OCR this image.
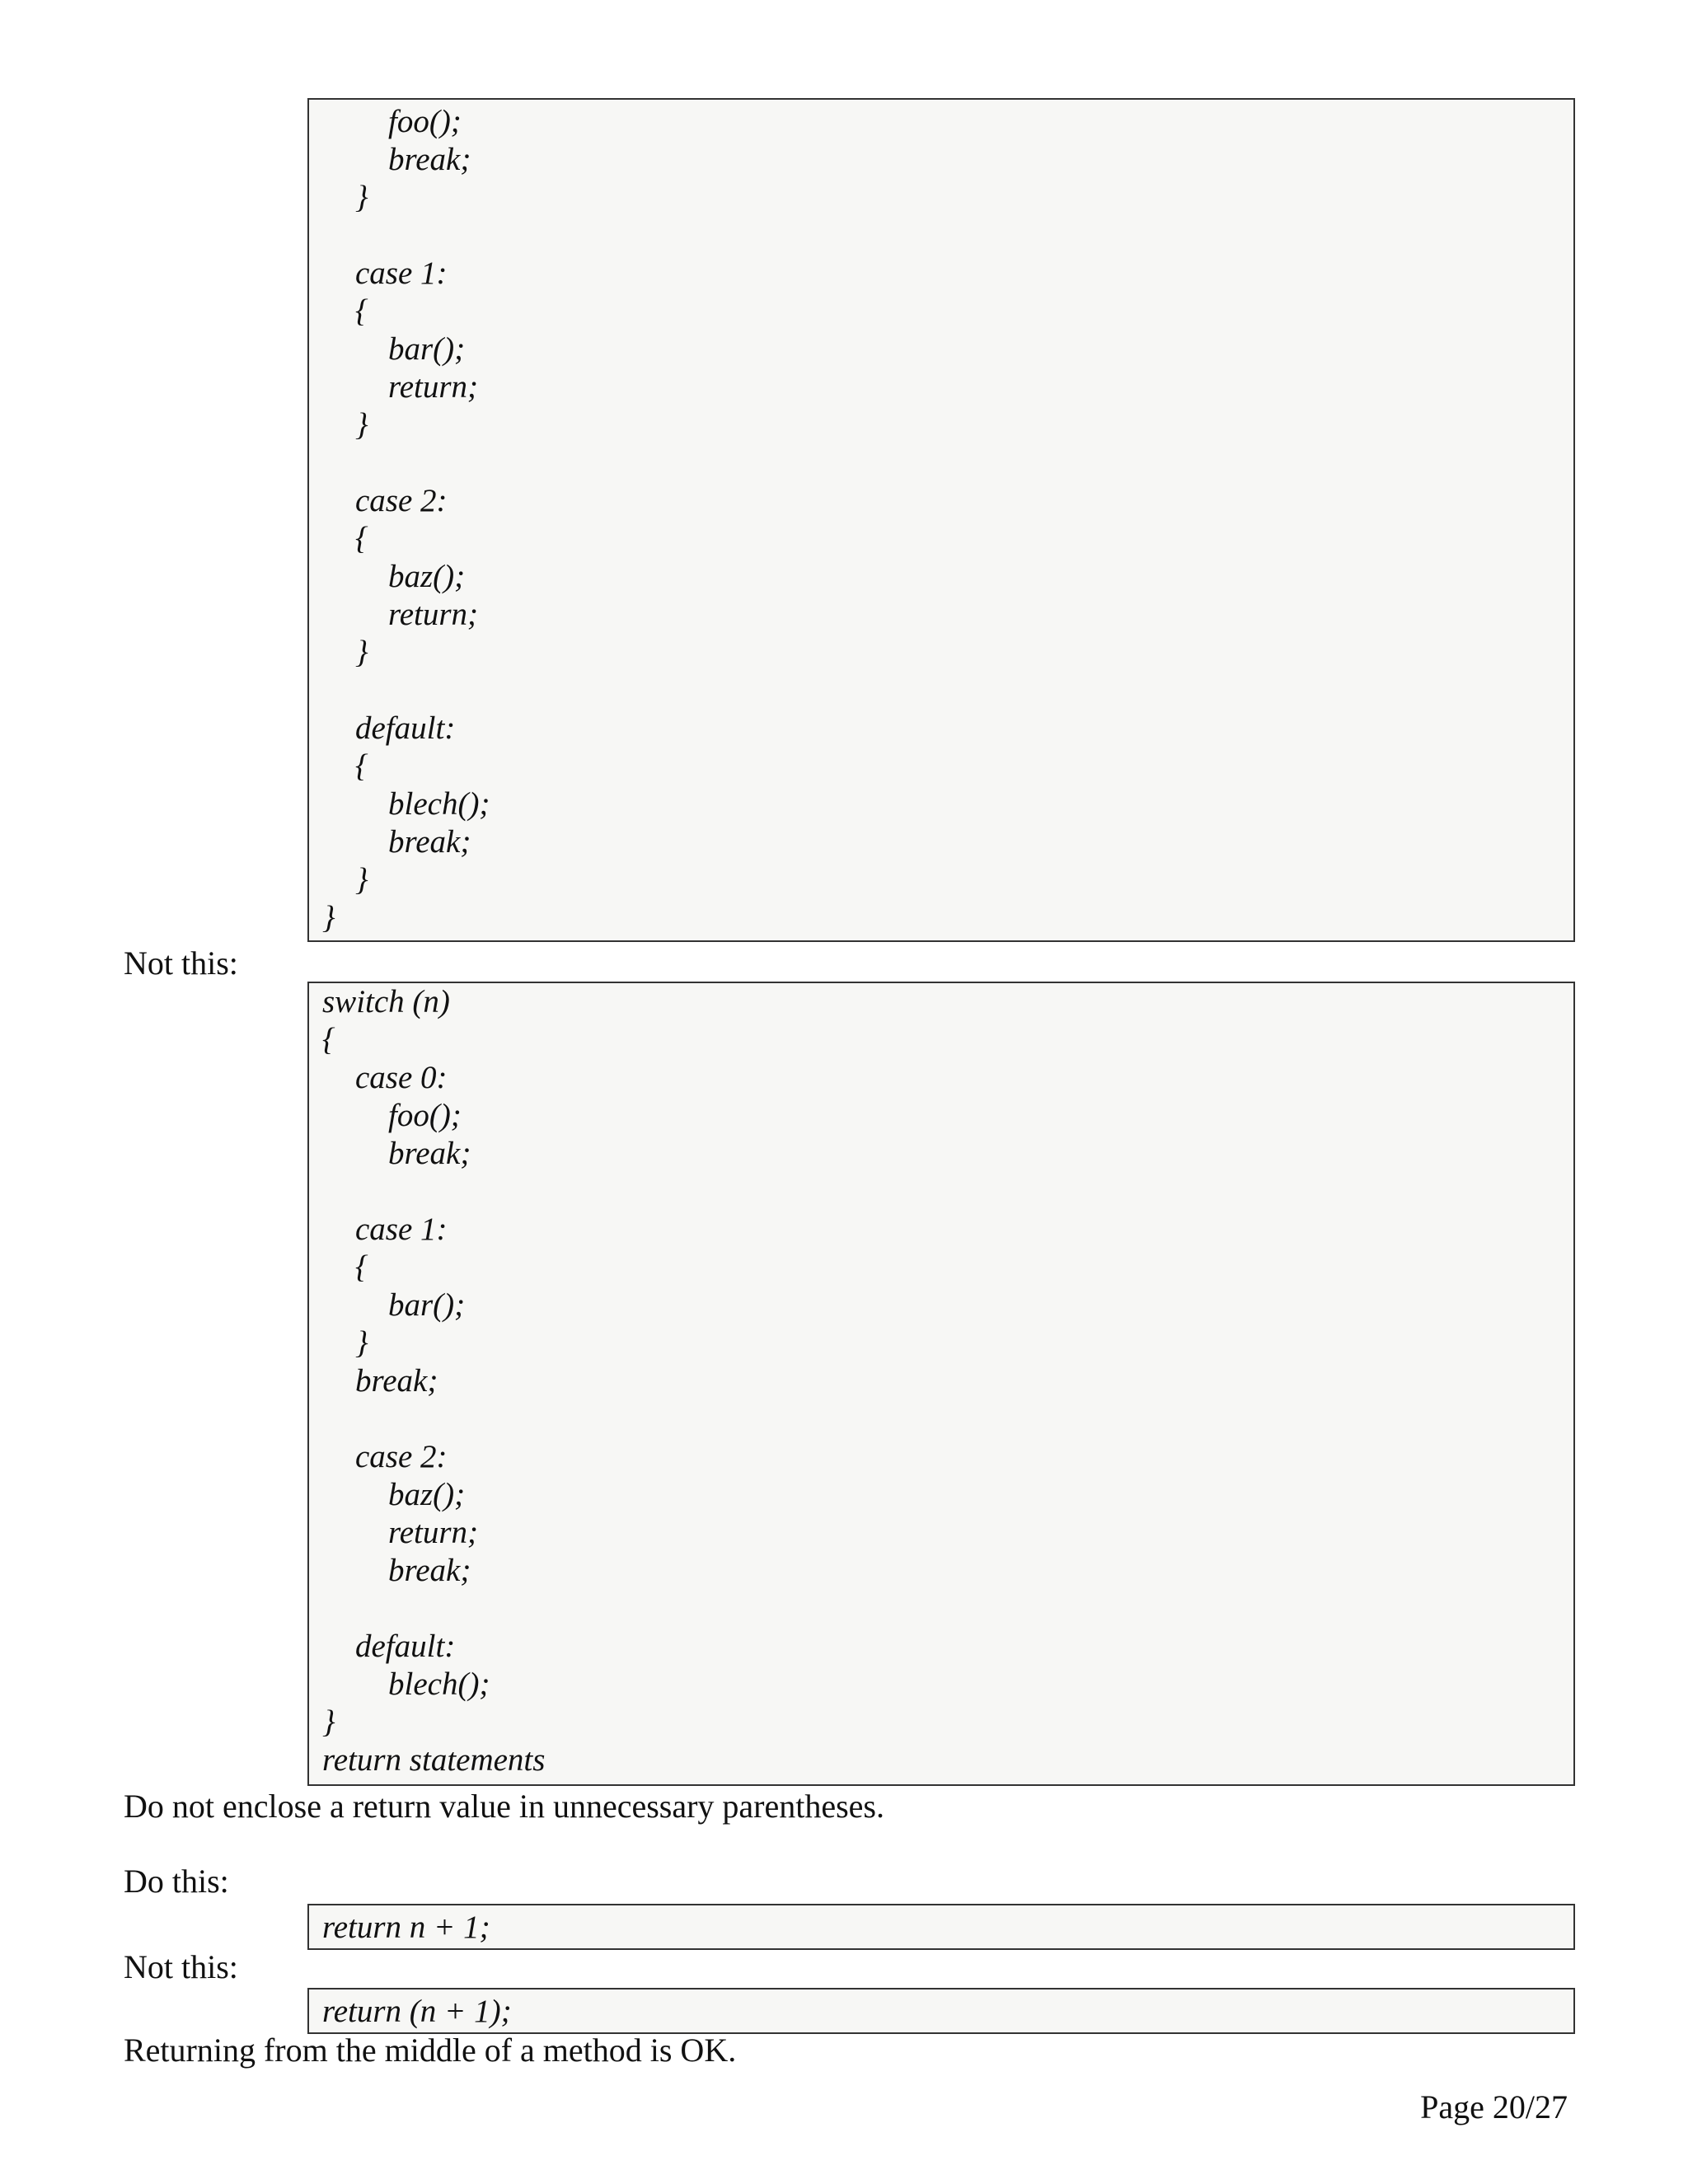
foo();
break;
}
case 1:
{
bar();
return;
}
case 2:
{
baz();
return;
}
default:
{
blech();
break;
}
}
Not this:
switch (n)
{
case 0:
foo();
break;
case 1:
{
bar();
}
break;
case 2:
baz();
return;
break;
default:
blech();
}
return statements
Do not enclose a return value in unnecessary parentheses.
Do this:
return n + 1;
Not this:
return (n + 1);
Returning from the middle of a method is OK.
Page 20/27
